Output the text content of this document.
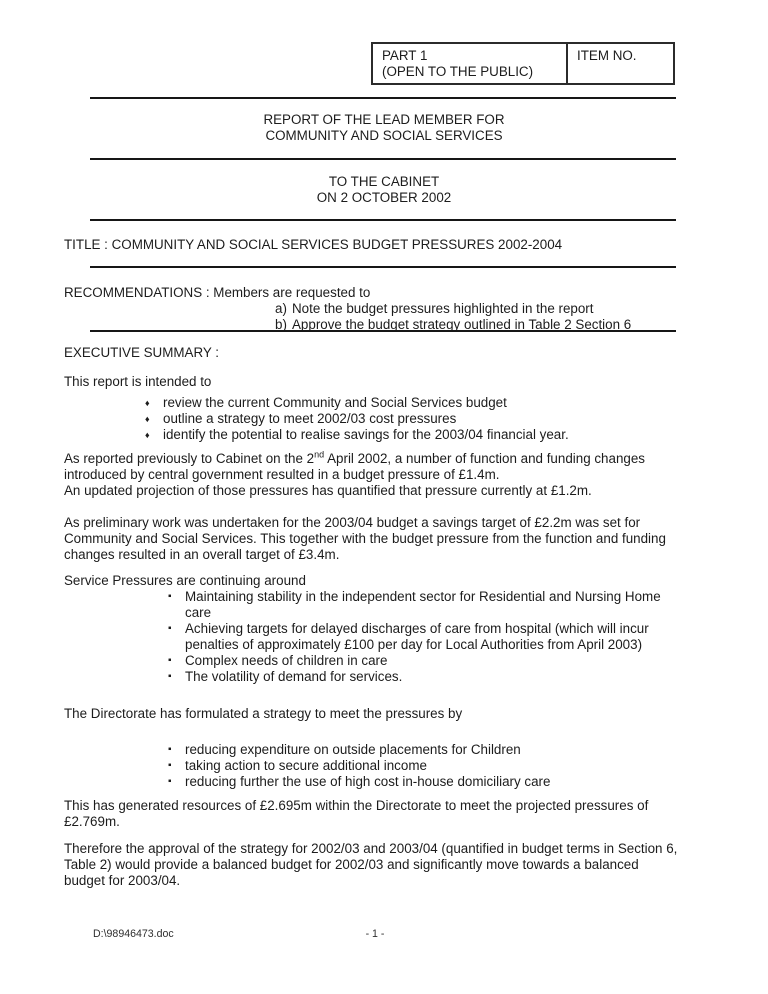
PART 1
(OPEN TO THE PUBLIC)
ITEM NO.
REPORT OF THE LEAD MEMBER FOR
COMMUNITY AND SOCIAL SERVICES
TO THE CABINET
ON 2 OCTOBER 2002
TITLE : COMMUNITY AND SOCIAL SERVICES BUDGET PRESSURES 2002-2004
RECOMMENDATIONS : Members are requested to
a) Note the budget pressures highlighted in the report
b) Approve the budget strategy outlined in Table 2 Section 6
EXECUTIVE SUMMARY :
This report is intended to
♦	review the current Community and Social Services budget
♦	outline a strategy to meet 2002/03 cost pressures
♦	identify the potential to realise savings for the 2003/04 financial year.
As reported previously to Cabinet on the 2nd April 2002, a number of function and funding changes introduced by central government resulted in a budget pressure of £1.4m.
An updated projection of those pressures has quantified that pressure currently at £1.2m.
As preliminary work was undertaken for the 2003/04 budget a savings target of £2.2m was set for Community and Social Services. This together with the budget pressure from the function and funding changes resulted in an overall target of £3.4m.
Service Pressures are continuing around
▪	Maintaining stability in the independent sector for Residential and Nursing Home care
▪	Achieving targets for delayed discharges of care from hospital (which will incur penalties of approximately £100 per day for Local Authorities from April 2003)
▪	Complex needs of children in care
▪	The volatility of demand for services.
The Directorate has formulated a strategy to meet the pressures by
▪	reducing expenditure on outside placements for Children
▪	taking action to secure additional income
▪	reducing further the use of high cost in-house domiciliary care
This has generated resources of £2.695m within the Directorate to meet the projected pressures of £2.769m.
Therefore the approval of the strategy for 2002/03 and 2003/04 (quantified in budget terms in Section 6, Table 2) would provide a balanced budget for 2002/03 and significantly move towards a balanced budget for 2003/04.
D:\98946473.doc	- 1 -
